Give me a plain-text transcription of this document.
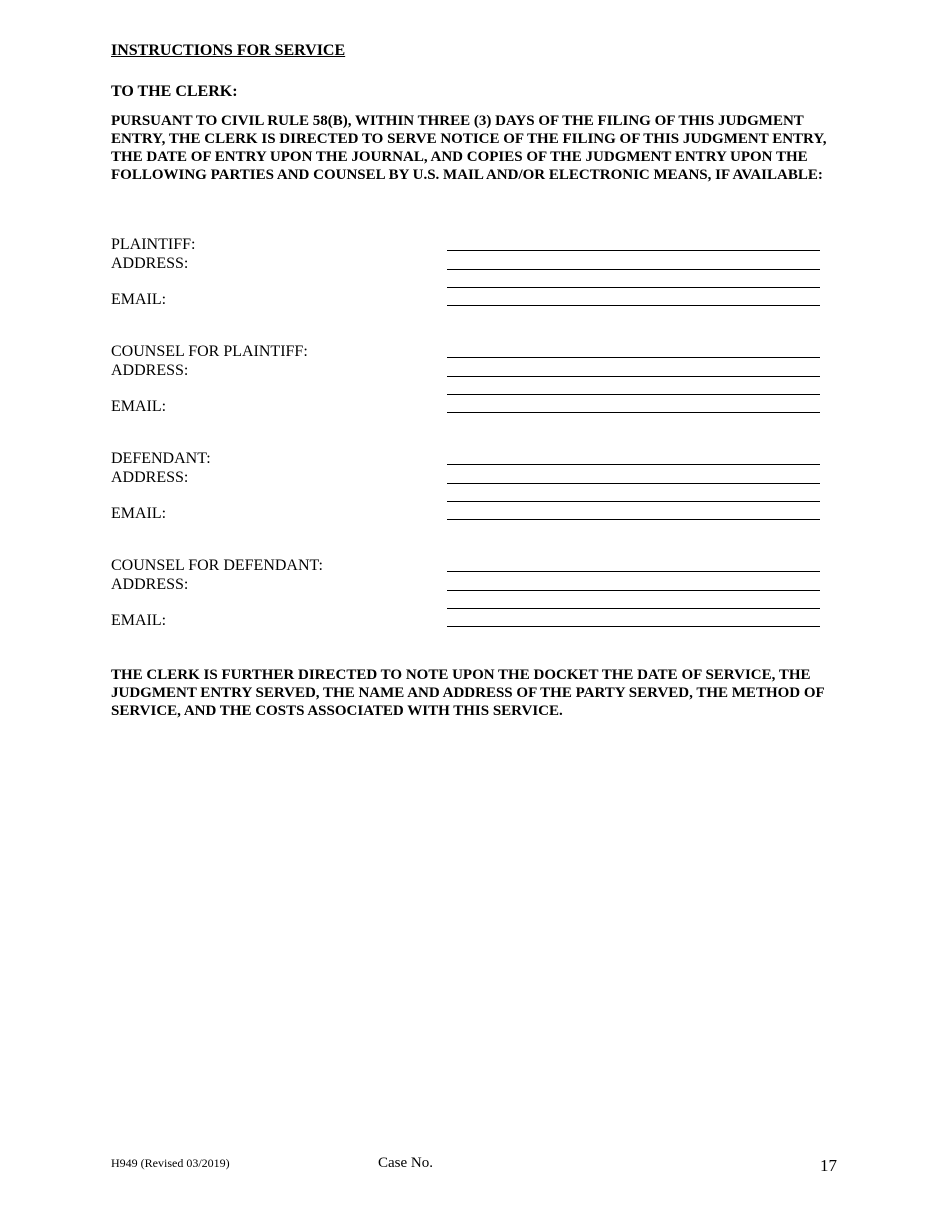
INSTRUCTIONS FOR SERVICE
TO THE CLERK:

PURSUANT TO CIVIL RULE 58(B), WITHIN THREE (3) DAYS OF THE FILING OF THIS JUDGMENT ENTRY, THE CLERK IS DIRECTED TO SERVE NOTICE OF THE FILING OF THIS JUDGMENT ENTRY, THE DATE OF ENTRY UPON THE JOURNAL, AND COPIES OF THE JUDGMENT ENTRY UPON THE FOLLOWING PARTIES AND COUNSEL BY U.S. MAIL AND/OR ELECTRONIC MEANS, IF AVAILABLE:

PLAINTIFF:
ADDRESS:
EMAIL:
COUNSEL FOR PLAINTIFF:
ADDRESS:
EMAIL:
DEFENDANT:
ADDRESS:
EMAIL:
COUNSEL FOR DEFENDANT:
ADDRESS:
EMAIL:

THE CLERK IS FURTHER DIRECTED TO NOTE UPON THE DOCKET THE DATE OF SERVICE, THE JUDGMENT ENTRY SERVED, THE NAME AND ADDRESS OF THE PARTY SERVED, THE METHOD OF SERVICE, AND THE COSTS ASSOCIATED WITH THIS SERVICE.

H949 (Revised 03/2019)	Case No.	17
